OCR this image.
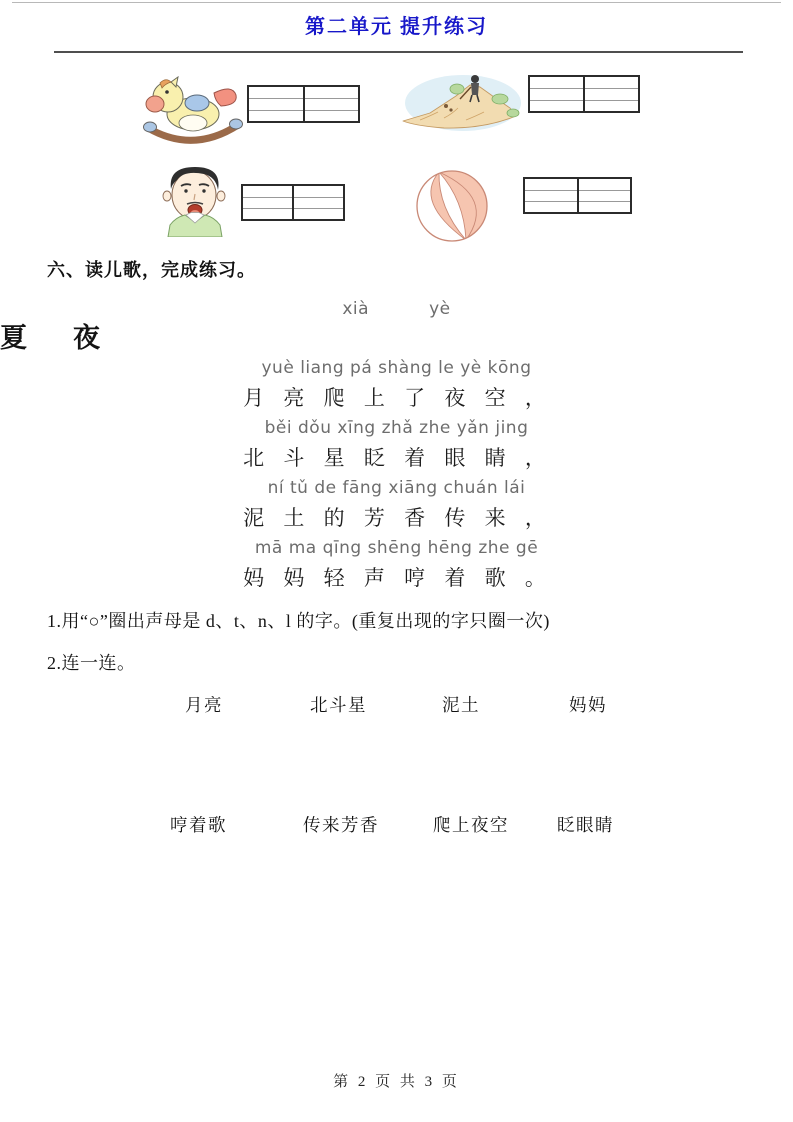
第二单元 提升练习
六、读儿歌，完成练习。
xià	yè
夏 夜
yuè liang pá shàng le yè kōng
月 亮 爬 上 了 夜 空 ，
běi dǒu xīng zhǎ zhe yǎn jing
北 斗 星 眨 着 眼 睛 ，
ní tǔ de fāng xiāng chuán lái
泥 土 的 芳 香 传 来 ，
mā ma qīng shēng hēng zhe gē
妈 妈 轻 声 哼 着 歌 。
1.用“○”圈出声母是 d、t、n、l 的字。(重复出现的字只圈一次)
2.连一连。
月亮	北斗星	泥土	妈妈
哼着歌	传来芳香	爬上夜空	眨眼睛
第 2 页 共 3 页
